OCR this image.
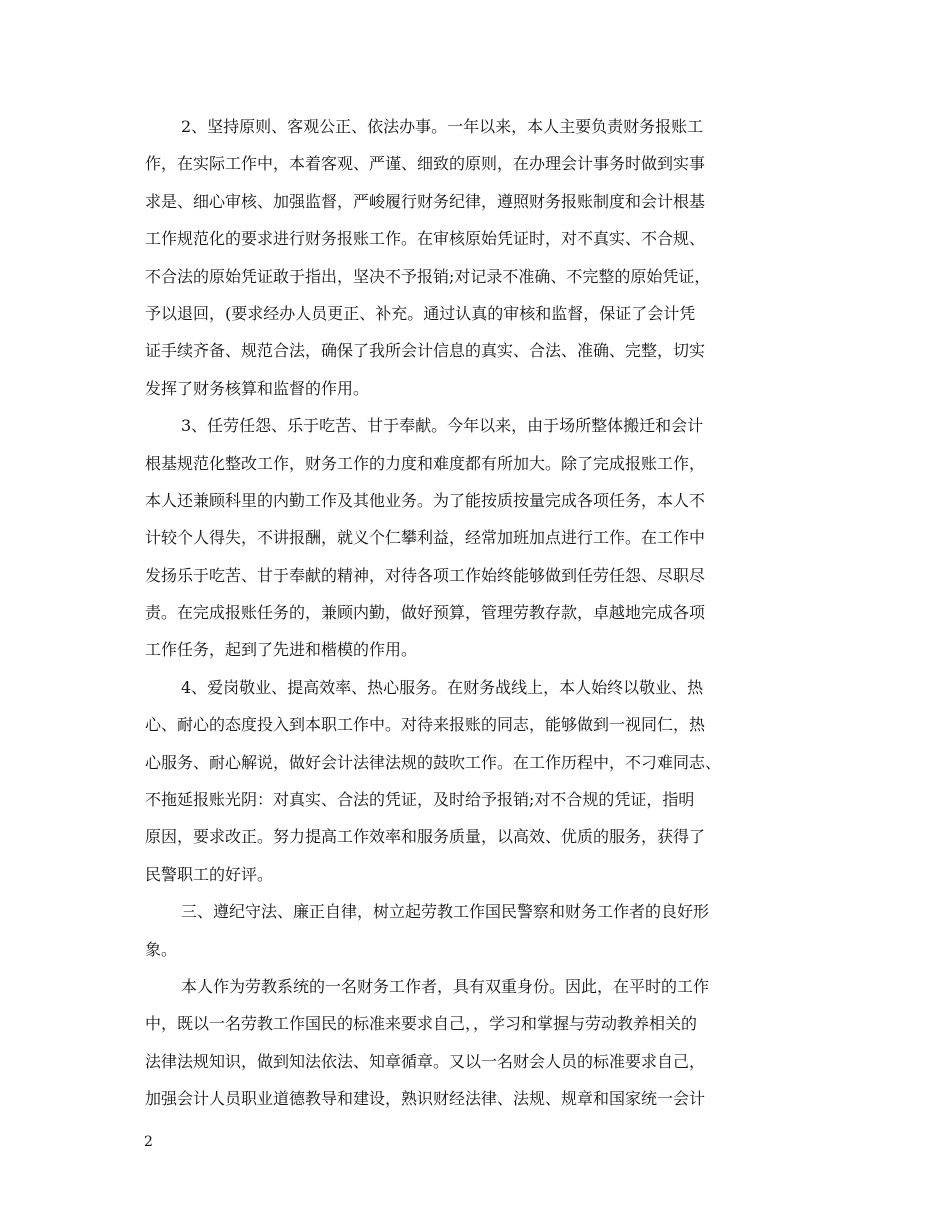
2、坚持原则、客观公正、依法办事。一年以来，本人主要负责财务报账工
作，在实际工作中，本着客观、严谨、细致的原则，在办理会计事务时做到实事
求是、细心审核、加强监督，严峻履行财务纪律，遵照财务报账制度和会计根基
工作规范化的要求进行财务报账工作。在审核原始凭证时，对不真实、不合规、
不合法的原始凭证敢于指出，坚决不予报销;对记录不准确、不完整的原始凭证，
予以退回，(要求经办人员更正、补充。通过认真的审核和监督，保证了会计凭
证手续齐备、规范合法，确保了我所会计信息的真实、合法、准确、完整，切实
发挥了财务核算和监督的作用。
3、任劳任怨、乐于吃苦、甘于奉献。今年以来，由于场所整体搬迁和会计
根基规范化整改工作，财务工作的力度和难度都有所加大。除了完成报账工作，
本人还兼顾科里的内勤工作及其他业务。为了能按质按量完成各项任务，本人不
计较个人得失，不讲报酬，就义个仁攀利益，经常加班加点进行工作。在工作中
发扬乐于吃苦、甘于奉献的精神，对待各项工作始终能够做到任劳任怨、尽职尽
责。在完成报账任务的，兼顾内勤，做好预算，管理劳教存款，卓越地完成各项
工作任务，起到了先进和楷模的作用。
4、爱岗敬业、提高效率、热心服务。在财务战线上，本人始终以敬业、热
心、耐心的态度投入到本职工作中。对待来报账的同志，能够做到一视同仁，热
心服务、耐心解说，做好会计法律法规的鼓吹工作。在工作历程中，不刁难同志、
不拖延报账光阴：对真实、合法的凭证，及时给予报销;对不合规的凭证，指明
原因，要求改正。努力提高工作效率和服务质量，以高效、优质的服务，获得了
民警职工的好评。
三、遵纪守法、廉正自律，树立起劳教工作国民警察和财务工作者的良好形
象。
本人作为劳教系统的一名财务工作者，具有双重身份。因此，在平时的工作
中，既以一名劳教工作国民的标准来要求自己，，学习和掌握与劳动教养相关的
法律法规知识，做到知法依法、知章循章。又以一名财会人员的标准要求自己，
加强会计人员职业道德教导和建设，熟识财经法律、法规、规章和国家统一会计
2
